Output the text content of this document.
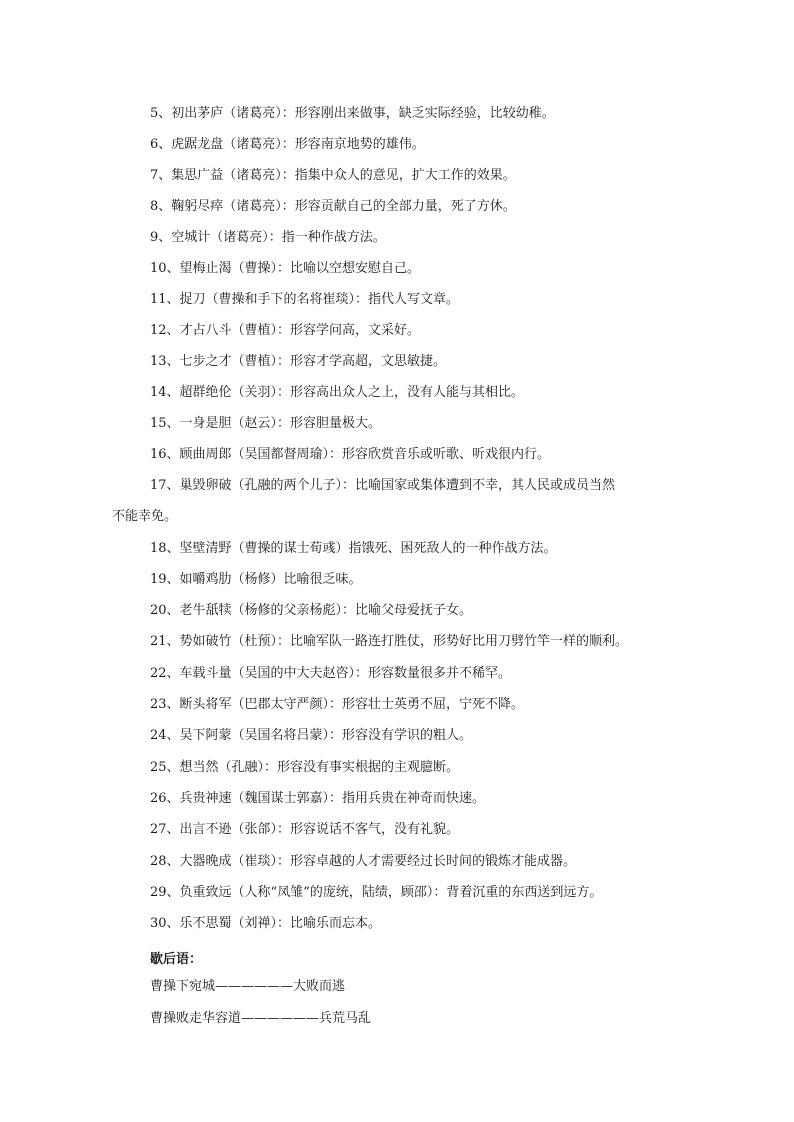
5、初出茅庐（诸葛亮）：形容刚出来做事，缺乏实际经验，比较幼稚。
6、虎踞龙盘（诸葛亮）：形容南京地势的雄伟。
7、集思广益（诸葛亮）：指集中众人的意见，扩大工作的效果。
8、鞠躬尽瘁（诸葛亮）：形容贡献自己的全部力量，死了方休。
9、空城计（诸葛亮）：指一种作战方法。
10、望梅止渴（曹操）：比喻以空想安慰自己。
11、捉刀（曹操和手下的名将崔琰）：指代人写文章。
12、才占八斗（曹植）：形容学问高，文采好。
13、七步之才（曹植）：形容才学高超，文思敏捷。
14、超群绝伦（关羽）：形容高出众人之上，没有人能与其相比。
15、一身是胆（赵云）：形容胆量极大。
16、顾曲周郎（吴国都督周瑜）：形容欣赏音乐或听歌、听戏很内行。
17、巢毁卵破（孔融的两个儿子）：比喻国家或集体遭到不幸，其人民或成员当然
不能幸免。
18、坚壁清野（曹操的谋士荀彧）指饿死、困死敌人的一种作战方法。
19、如嚼鸡肋（杨修）比喻很乏味。
20、老牛舐犊（杨修的父亲杨彪）：比喻父母爱抚子女。
21、势如破竹（杜预）：比喻军队一路连打胜仗，形势好比用刀劈竹竿一样的顺利。
22、车载斗量（吴国的中大夫赵咨）：形容数量很多并不稀罕。
23、断头将军（巴郡太守严颜）：形容壮士英勇不屈，宁死不降。
24、吴下阿蒙（吴国名将吕蒙）：形容没有学识的粗人。
25、想当然（孔融）：形容没有事实根据的主观臆断。
26、兵贵神速（魏国谋士郭嘉）：指用兵贵在神奇而快速。
27、出言不逊（张郃）：形容说话不客气，没有礼貌。
28、大器晚成（崔琰）：形容卓越的人才需要经过长时间的锻炼才能成器。
29、负重致远（人称“凤雏”的庞统，陆绩，顾邵）：背着沉重的东西送到远方。
30、乐不思蜀（刘禅）：比喻乐而忘本。
歇后语：
曹操下宛城——————大败而逃
曹操败走华容道——————兵荒马乱
